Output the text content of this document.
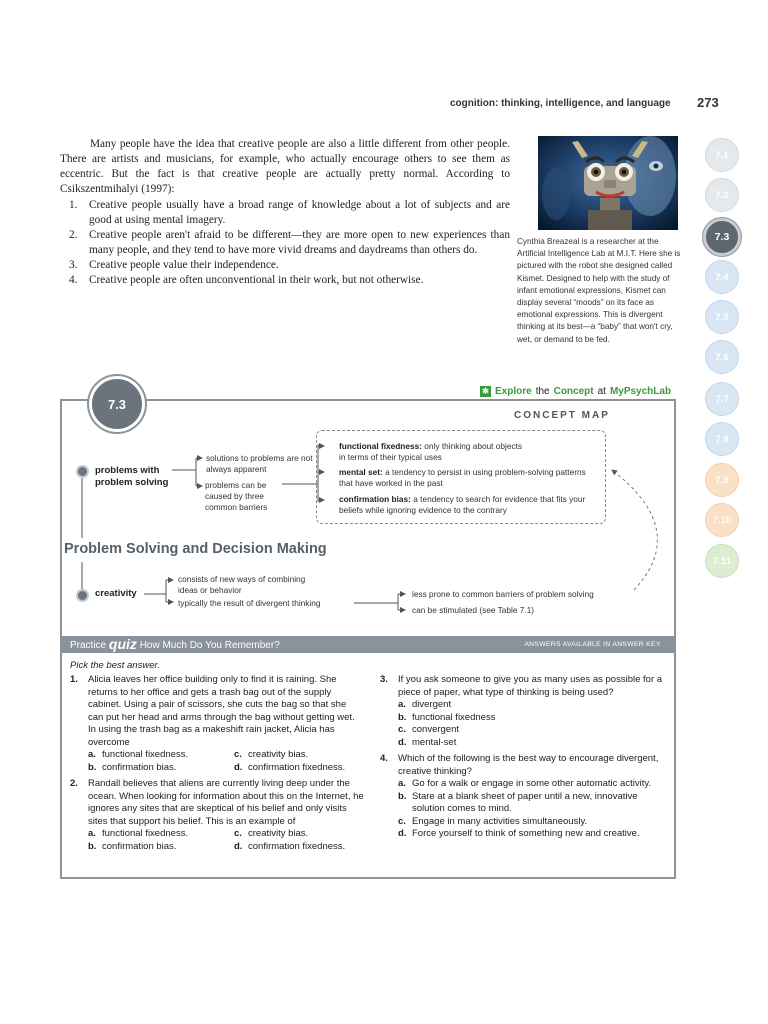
cognition: thinking, intelligence, and language 273

Many people have the idea that creative people are also a little different from other people. There are artists and musicians, for example, who actually encourage others to see them as eccentric. But the fact is that creative people are actually pretty normal. According to Csikszentmihalyi (1997):

1. Creative people usually have a broad range of knowledge about a lot of subjects and are good at using mental imagery.
2. Creative people aren't afraid to be different—they are more open to new experiences than many people, and they tend to have more vivid dreams and daydreams than others do.
3. Creative people value their independence.
4. Creative people are often unconventional in their work, but not otherwise.
Cynthia Breazeal is a researcher at the Artificial Intelligence Lab at M.I.T. Here she is pictured with the robot she designed called Kismet. Designed to help with the study of infant emotional expressions, Kismet can display several “moods” on its face as emotional expressions. This is divergent thinking at its best—a “baby” that won't cry, wet, or demand to be fed.
7.1
7.2
7.3
7.4
7.5
7.6
7.7
7.8
7.9
7.10
7.11
7.3
✱ Explore the Concept at MyPsychLab
CONCEPT MAP
problems with problem solving
solutions to problems are not always apparent
problems can be caused by three common barriers
functional fixedness: only thinking about objects in terms of their typical uses
mental set: a tendency to persist in using problem-solving patterns that have worked in the past
confirmation bias: a tendency to search for evidence that fits your beliefs while ignoring evidence to the contrary
Problem Solving and Decision Making
creativity
consists of new ways of combining ideas or behavior
typically the result of divergent thinking
less prone to common barriers of problem solving
can be stimulated (see Table 7.1)
Practice quiz How Much Do You Remember?	ANSWERS AVAILABLE IN ANSWER KEY.
Pick the best answer.
1. Alicia leaves her office building only to find it is raining. She returns to her office and gets a trash bag out of the supply cabinet. Using a pair of scissors, she cuts the bag so that she can put her head and arms through the bag without getting wet. In using the trash bag as a makeshift rain jacket, Alicia has overcome
a. functional fixedness.	c. creativity bias.
b. confirmation bias.	d. confirmation fixedness.
2. Randall believes that aliens are currently living deep under the ocean. When looking for information about this on the Internet, he ignores any sites that are skeptical of his belief and only visits sites that support his belief. This is an example of
a. functional fixedness.	c. creativity bias.
b. confirmation bias.	d. confirmation fixedness.
3. If you ask someone to give you as many uses as possible for a piece of paper, what type of thinking is being used?
a. divergent
b. functional fixedness
c. convergent
d. mental-set
4. Which of the following is the best way to encourage divergent, creative thinking?
a. Go for a walk or engage in some other automatic activity.
b. Stare at a blank sheet of paper until a new, innovative solution comes to mind.
c. Engage in many activities simultaneously.
d. Force yourself to think of something new and creative.
